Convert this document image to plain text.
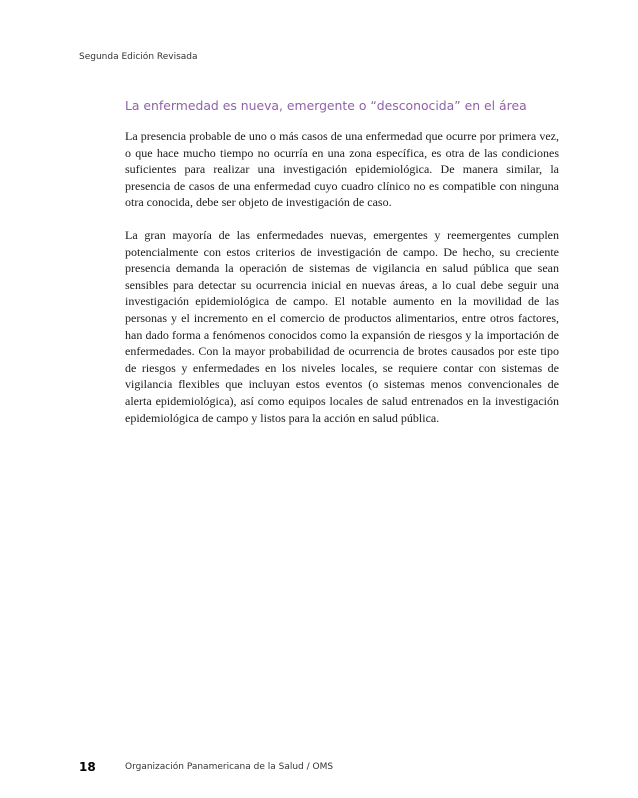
Segunda Edición Revisada

La enfermedad es nueva, emergente o “desconocida” en el área

La presencia probable de uno o más casos de una enfermedad que ocurre por primera vez, o que hace mucho tiempo no ocurría en una zona específica, es otra de las condiciones suficientes para realizar una investigación epidemiológica. De manera similar, la presencia de casos de una enfermedad cuyo cuadro clínico no es compatible con ninguna otra conocida, debe ser objeto de investigación de caso.

La gran mayoría de las enfermedades nuevas, emergentes y reemergentes cumplen potencialmente con estos criterios de investigación de campo. De hecho, su creciente presencia demanda la operación de sistemas de vigilancia en salud pública que sean sensibles para detectar su ocurrencia inicial en nuevas áreas, a lo cual debe seguir una investigación epidemiológica de campo. El notable aumento en la movilidad de las personas y el incremento en el comercio de productos alimentarios, entre otros factores, han dado forma a fenómenos conocidos como la expansión de riesgos y la importación de enfermedades. Con la mayor probabilidad de ocurrencia de brotes causados por este tipo de riesgos y enfermedades en los niveles locales, se requiere contar con sistemas de vigilancia flexibles que incluyan estos eventos (o sistemas menos convencionales de alerta epidemiológica), así como equipos locales de salud entrenados en la investigación epidemiológica de campo y listos para la acción en salud pública.

18	Organización Panamericana de la Salud / OMS
